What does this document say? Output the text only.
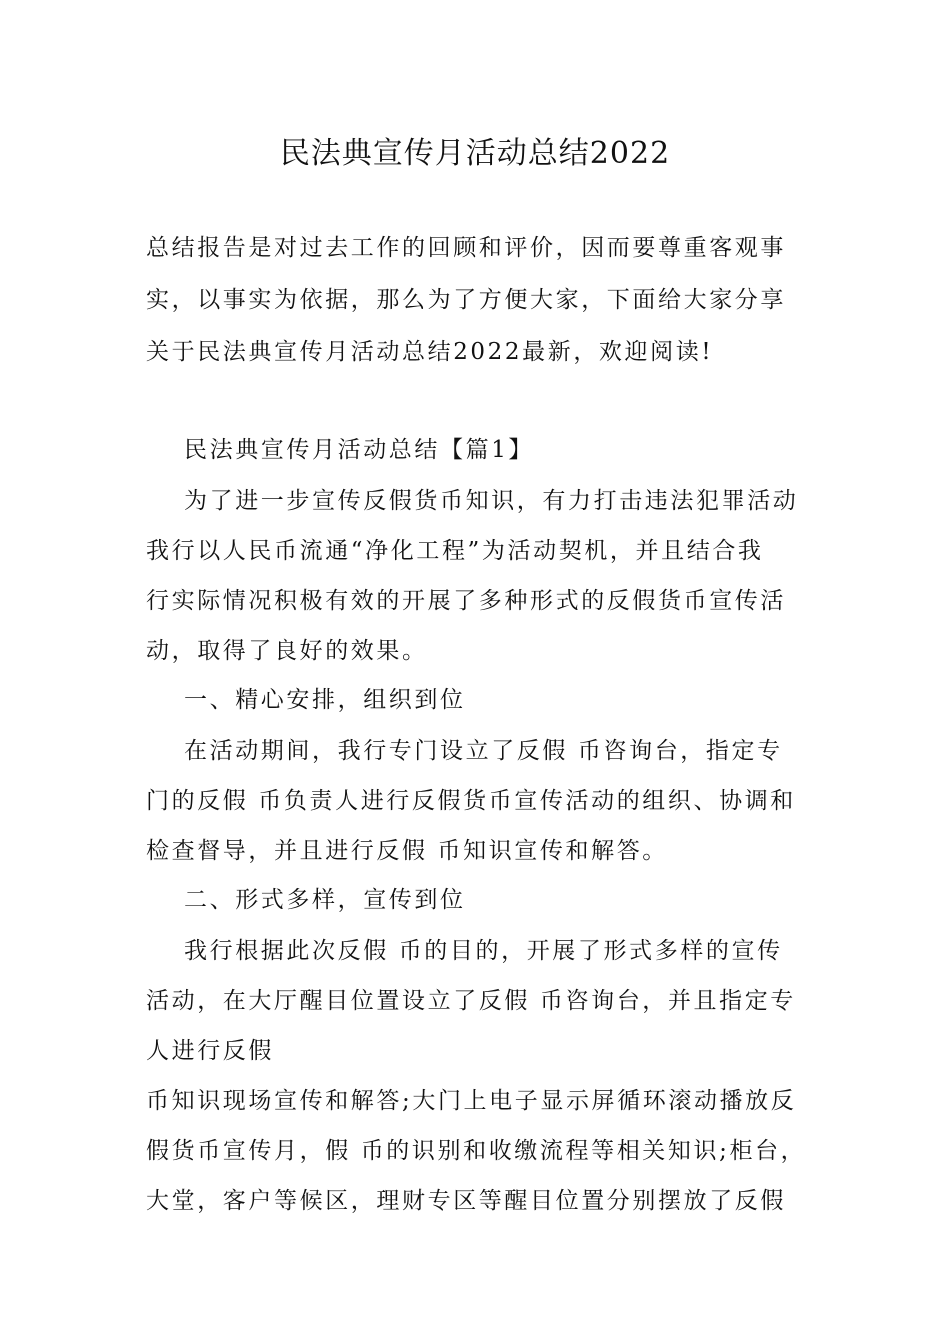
民法典宣传月活动总结2022
总结报告是对过去工作的回顾和评价，因而要尊重客观事
实，以事实为依据，那么为了方便大家，下面给大家分享
关于民法典宣传月活动总结2022最新，欢迎阅读!
民法典宣传月活动总结【篇1】
为了进一步宣传反假货币知识，有力打击违法犯罪活动
我行以人民币流通“净化工程”为活动契机，并且结合我
行实际情况积极有效的开展了多种形式的反假货币宣传活
动，取得了良好的效果。
一、精心安排，组织到位
在活动期间，我行专门设立了反假 币咨询台，指定专
门的反假 币负责人进行反假货币宣传活动的组织、协调和
检查督导，并且进行反假 币知识宣传和解答。
二、形式多样，宣传到位
我行根据此次反假 币的目的，开展了形式多样的宣传
活动，在大厅醒目位置设立了反假 币咨询台，并且指定专
人进行反假
币知识现场宣传和解答;大门上电子显示屏循环滚动播放反
假货币宣传月，假 币的识别和收缴流程等相关知识;柜台，
大堂，客户等候区，理财专区等醒目位置分别摆放了反假
